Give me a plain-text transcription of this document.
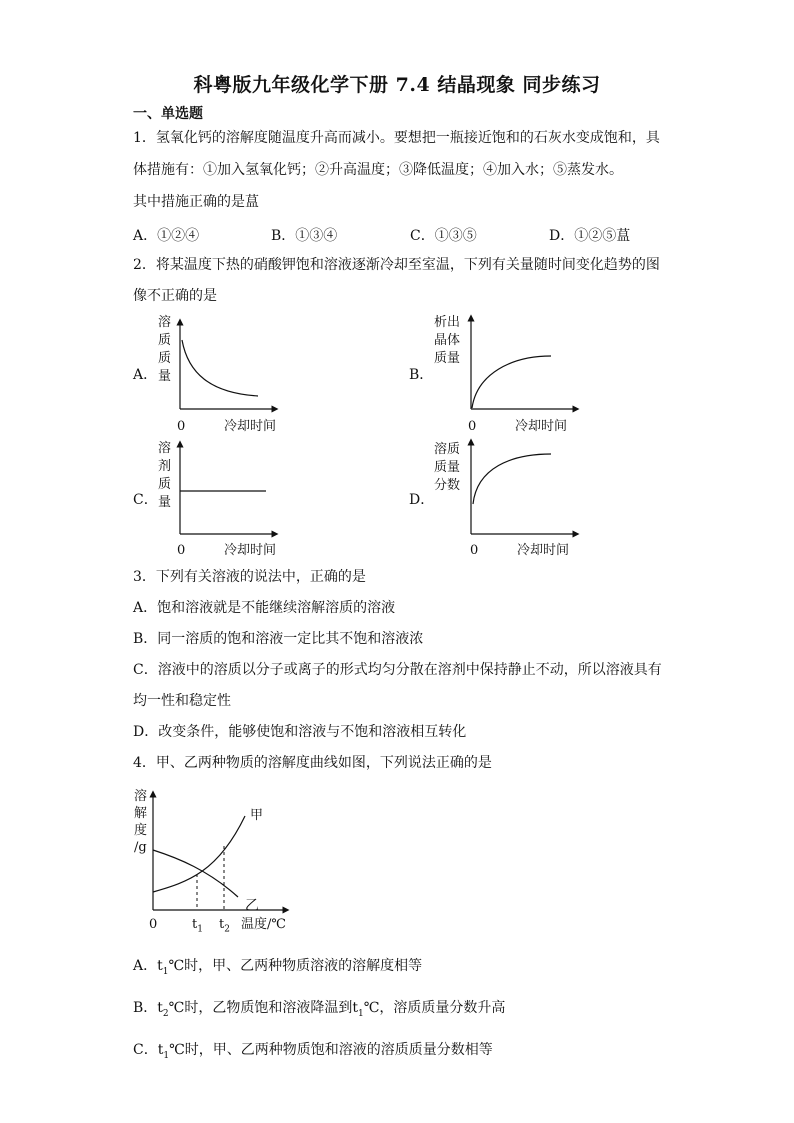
科粤版九年级化学下册 7.4 结晶现象 同步练习
一、单选题
1．氢氧化钙的溶解度随温度升高而减小。要想把一瓶接近饱和的石灰水变成饱和，具
体措施有：①加入氢氧化钙；②升高温度；③降低温度；④加入水；⑤蒸发水。
其中措施正确的是蒀
A．①②④	B．①③④	C．①③⑤	D．①②⑤蒀
2．将某温度下热的硝酸钾饱和溶液逐渐冷却至室温，下列有关量随时间变化趋势的图
像不正确的是
A．
溶
质
质
量
0	冷却时间
B．
析出
晶体
质量
0	冷却时间
C．
溶
剂
质
量
0	冷却时间
D．
溶质
质量
分数
0	冷却时间
3．下列有关溶液的说法中，正确的是
A．饱和溶液就是不能继续溶解溶质的溶液
B．同一溶质的饱和溶液一定比其不饱和溶液浓
C．溶液中的溶质以分子或离子的形式均匀分散在溶剂中保持静止不动，所以溶液具有
均一性和稳定性
D．改变条件，能够使饱和溶液与不饱和溶液相互转化
4．甲、乙两种物质的溶解度曲线如图，下列说法正确的是
溶
解
度
/g
甲
乙
0	$t_1$ $t_2$ 温度/℃
A．$t_1℃$时，甲、乙两种物质溶液的溶解度相等
B．$t_2℃$时，乙物质饱和溶液降温到$t_1℃$，溶质质量分数升高
C．$t_1℃$时，甲、乙两种物质饱和溶液的溶质质量分数相等
